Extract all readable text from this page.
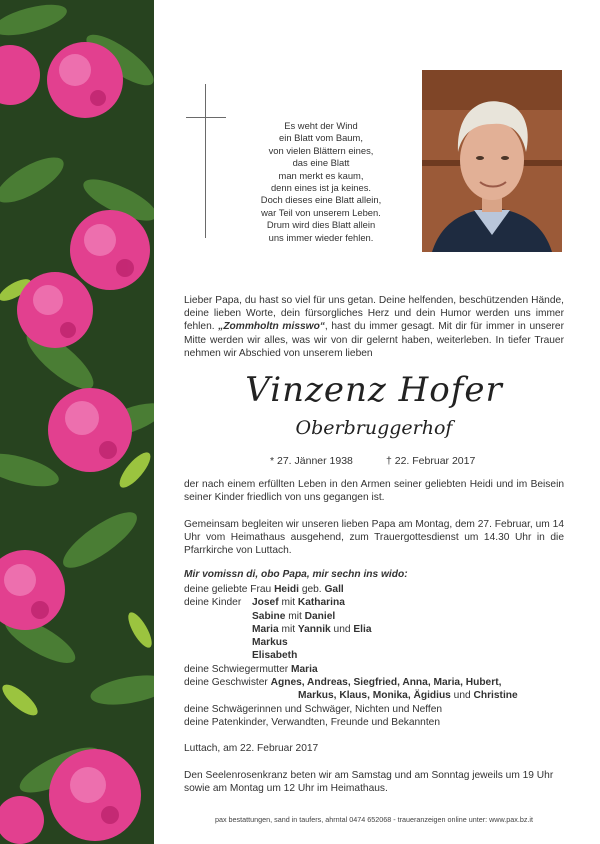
Es weht der Wind
ein Blatt vom Baum,
von vielen Blättern eines,
das eine Blatt
man merkt es kaum,
denn eines ist ja keines.
Doch dieses eine Blatt allein,
war Teil von unserem Leben.
Drum wird dies Blatt allein
uns immer wieder fehlen.
Lieber Papa, du hast so viel für uns getan. Deine helfenden, beschützenden Hände, deine lieben Worte, dein fürsorgliches Herz und dein Humor werden uns immer fehlen. „Zommholtn misswo“, hast du immer gesagt. Mit dir für immer in unserer Mitte werden wir alles, was wir von dir gelernt haben, weiterleben. In tiefer Trauer nehmen wir Abschied von unserem lieben
Vinzenz Hofer
Oberbruggerhof
* 27. Jänner 1938	† 22. Februar 2017
der nach einem erfüllten Leben in den Armen seiner geliebten Heidi und im Beisein seiner Kinder friedlich von uns gegangen ist.
Gemeinsam begleiten wir unseren lieben Papa am Montag, dem 27. Februar, um 14 Uhr vom Heimathaus ausgehend, zum Trauergottesdienst um 14.30 Uhr in die Pfarrkirche von Luttach.
Mir vomissn di, obo Papa, mir sechn ins wido:
deine geliebte Frau Heidi geb. Gall
deine Kinder Josef mit Katharina
Sabine mit Daniel
Maria mit Yannik und Elia
Markus
Elisabeth
deine Schwiegermutter Maria
deine Geschwister Agnes, Andreas, Siegfried, Anna, Maria, Hubert,
Markus, Klaus, Monika, Ägidius und Christine
deine Schwägerinnen und Schwäger, Nichten und Neffen
deine Patenkinder, Verwandten, Freunde und Bekannten
Luttach, am 22. Februar 2017
Den Seelenrosenkranz beten wir am Samstag und am Sonntag jeweils um 19 Uhr sowie am Montag um 12 Uhr im Heimathaus.
pax bestattungen, sand in taufers, ahrntal 0474 652068 - traueranzeigen online unter: www.pax.bz.it
